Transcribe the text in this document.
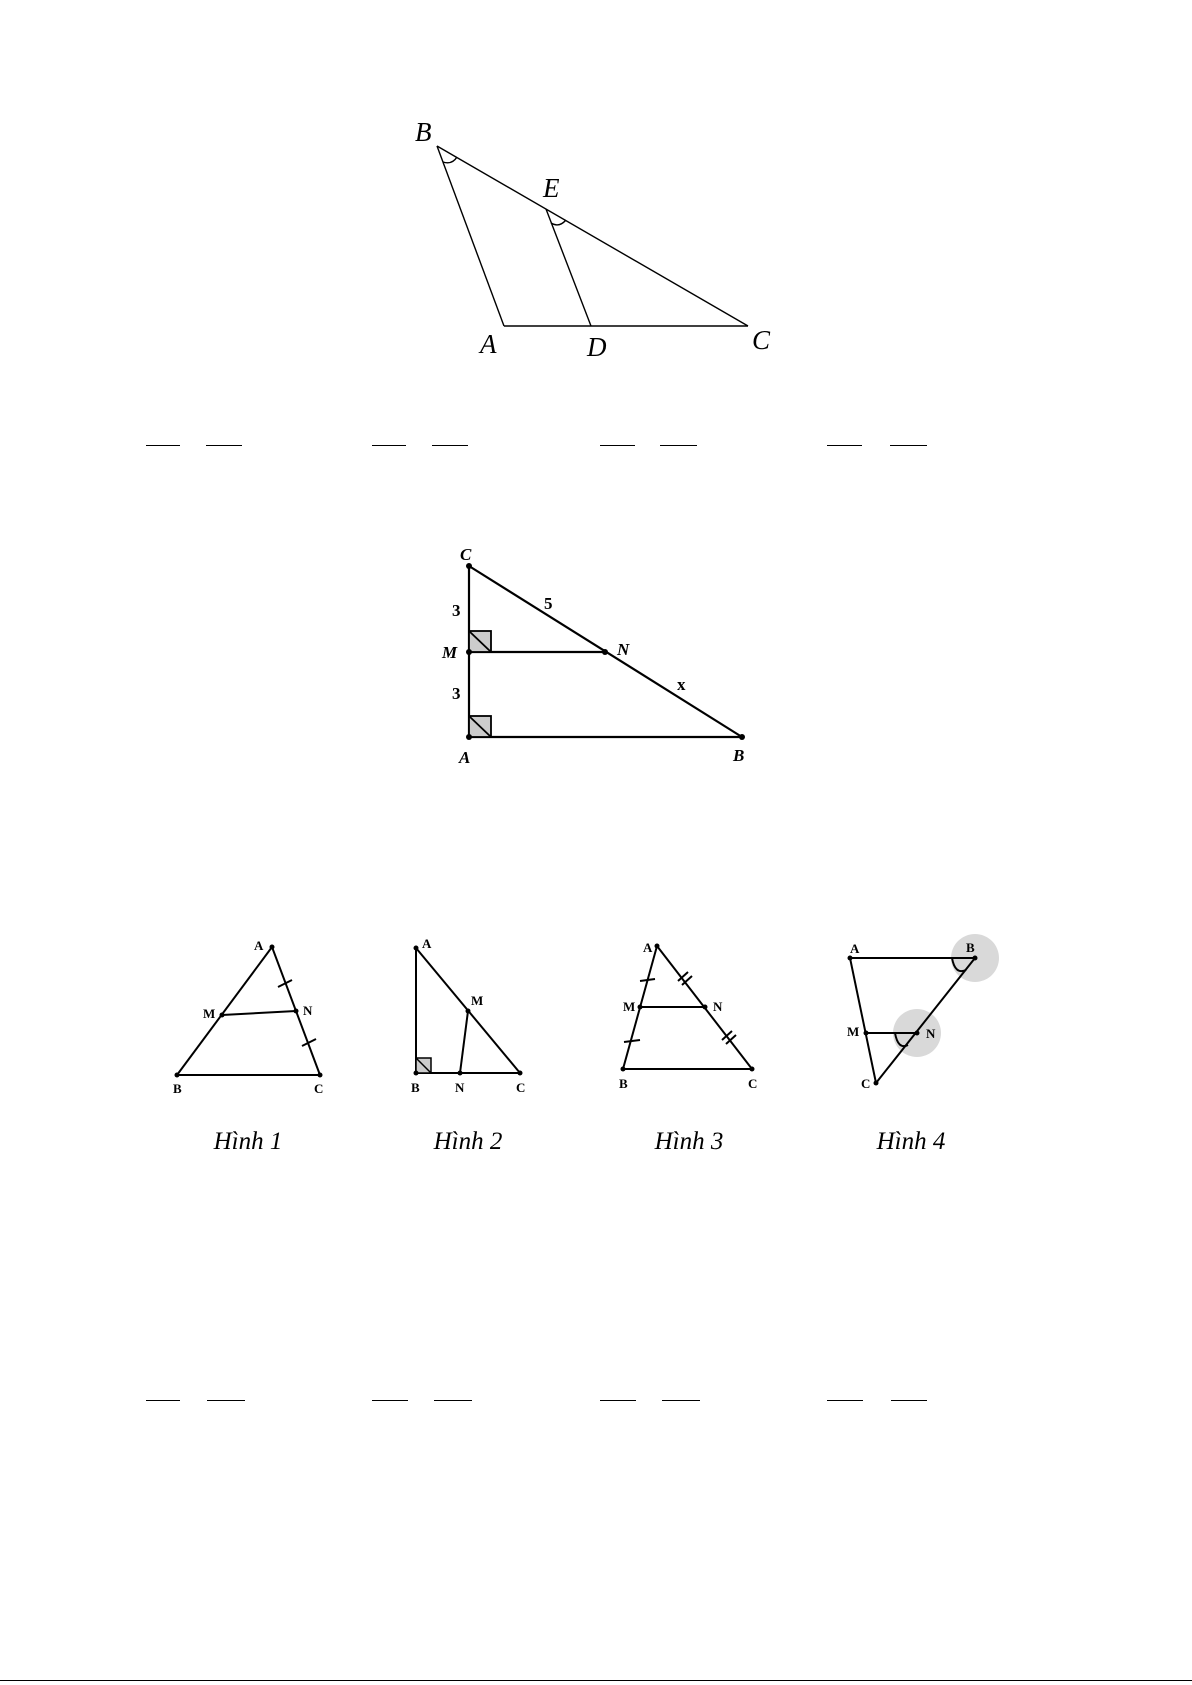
B
E
A	D	C
C
M	N
A	B
3
3
5
x
A
M	N
B	C
A
M
B	N	C
A
M	N
B	C
A	B
M	N
C
Hình 1	Hình 2	Hình 3	Hình 4
